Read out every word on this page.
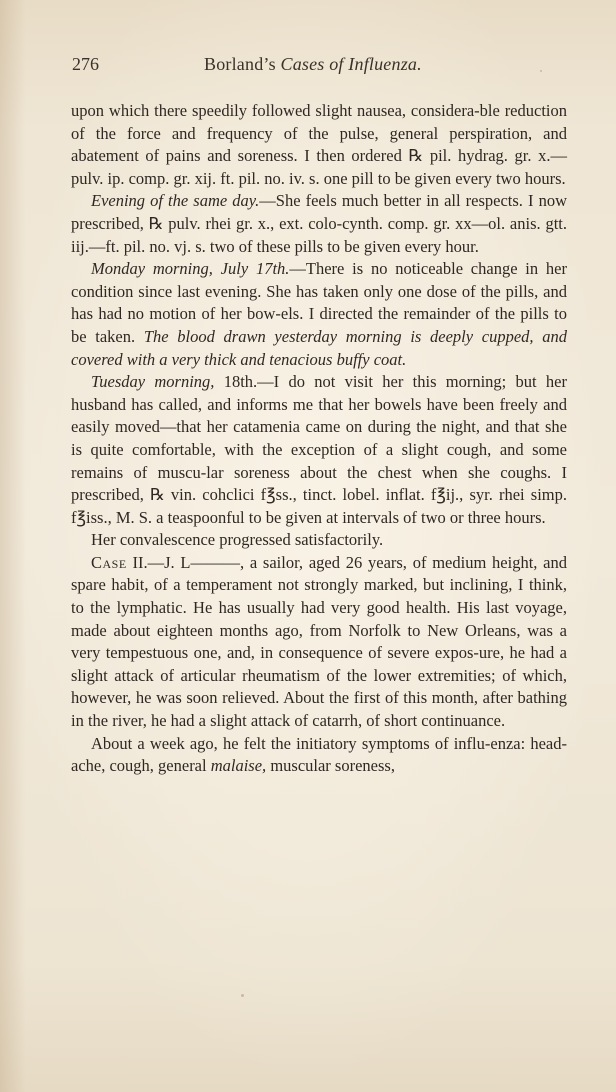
276	Borland’s Cases of Influenza.

upon which there speedily followed slight nausea, considera-ble reduction of the force and frequency of the pulse, general perspiration, and abatement of pains and soreness. I then ordered ℞ pil. hydrag. gr. x.—pulv. ip. comp. gr. xij. ft. pil. no. iv. s. one pill to be given every two hours.

Evening of the same day.—She feels much better in all respects. I now prescribed, ℞ pulv. rhei gr. x., ext. colo-cynth. comp. gr. xx—ol. anis. gtt. iij.—ft. pil. no. vj. s. two of these pills to be given every hour.

Monday morning, July 17th.—There is no noticeable change in her condition since last evening. She has taken only one dose of the pills, and has had no motion of her bow-els. I directed the remainder of the pills to be taken. The blood drawn yesterday morning is deeply cupped, and covered with a very thick and tenacious buffy coat.

Tuesday morning, 18th.—I do not visit her this morning; but her husband has called, and informs me that her bowels have been freely and easily moved—that her catamenia came on during the night, and that she is quite comfortable, with the exception of a slight cough, and some remains of muscu-lar soreness about the chest when she coughs. I prescribed, ℞ vin. cohclici f℥ss., tinct. lobel. inflat. f℥ij., syr. rhei simp. f℥iss., M. S. a teaspoonful to be given at intervals of two or three hours.

Her convalescence progressed satisfactorily.

Case II.—J. L———, a sailor, aged 26 years, of medium height, and spare habit, of a temperament not strongly marked, but inclining, I think, to the lymphatic. He has usually had very good health. His last voyage, made about eighteen months ago, from Norfolk to New Orleans, was a very tempestuous one, and, in consequence of severe expos-ure, he had a slight attack of articular rheumatism of the lower extremities; of which, however, he was soon relieved. About the first of this month, after bathing in the river, he had a slight attack of catarrh, of short continuance.

About a week ago, he felt the initiatory symptoms of influ-enza: head-ache, cough, general malaise, muscular soreness,
